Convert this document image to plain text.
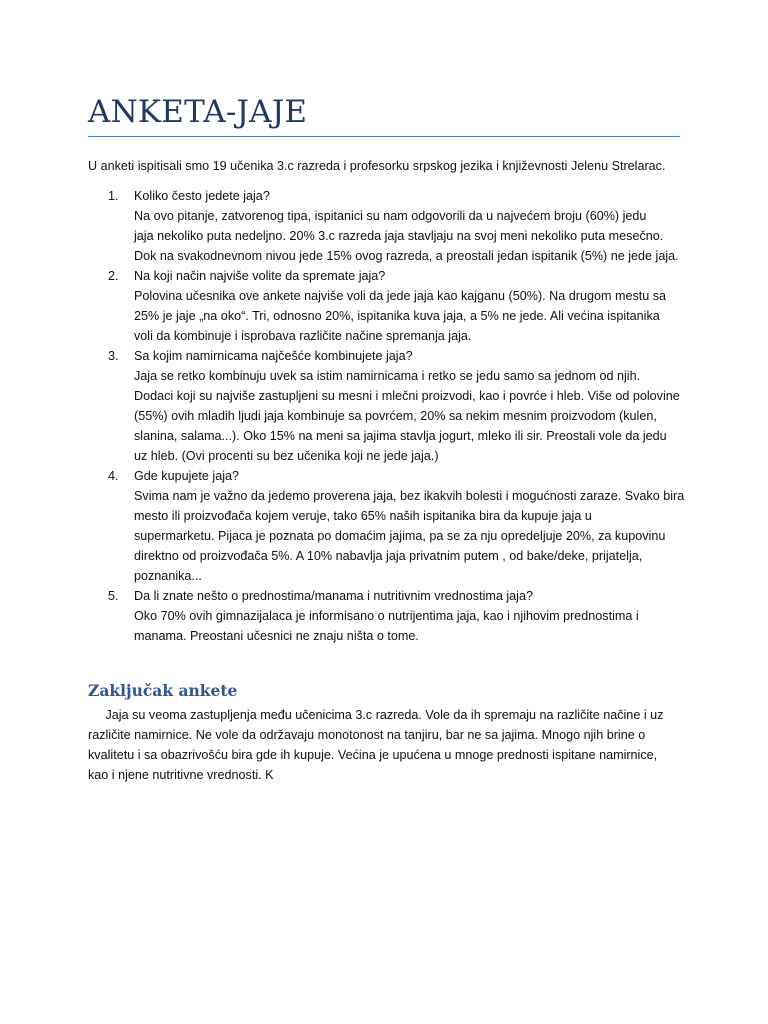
ANKETA-JAJE

U anketi ispitisali smo 19 učenika 3.c razreda i profesorku srpskog jezika i književnosti Jelenu Strelarac.

1. Koliko često jedete jaja?
Na ovo pitanje, zatvorenog tipa, ispitanici su nam odgovorili da u najvećem broju (60%) jedu
jaja nekoliko puta nedeljno. 20% 3.c razreda jaja stavljaju na svoj meni nekoliko puta mesečno.
Dok na svakodnevnom nivou jede 15% ovog razreda, a preostali jedan ispitanik (5%) ne jede jaja.
2. Na koji način najviše volite da spremate jaja?
Polovina učesnika ove ankete najviše voli da jede jaja kao kajganu (50%). Na drugom mestu sa
25% je jaje „na oko“. Tri, odnosno 20%, ispitanika kuva jaja, a 5% ne jede. Ali većina ispitanika
voli da kombinuje i isprobava različite načine spremanja jaja.
3. Sa kojim namirnicama najčešće kombinujete jaja?
Jaja se retko kombinuju uvek sa istim namirnicama i retko se jedu samo sa jednom od njih.
Dodaci koji su najviše zastupljeni su mesni i mlečni proizvodi, kao i povrće i hleb. Više od polovine
(55%) ovih mladih ljudi jaja kombinuje sa povrćem, 20% sa nekim mesnim proizvodom (kulen,
slanina, salama...). Oko 15% na meni sa jajima stavlja jogurt, mleko ili sir. Preostali vole da jedu
uz hleb. (Ovi procenti su bez učenika koji ne jede jaja.)
4. Gde kupujete jaja?
Svima nam je važno da jedemo proverena jaja, bez ikakvih bolesti i mogućnosti zaraze. Svako bira
mesto ili proizvođača kojem veruje, tako 65% naših ispitanika bira da kupuje jaja u
supermarketu. Pijaca je poznata po domaćim jajima, pa se za nju opredeljuje 20%, za kupovinu
direktno od proizvođača 5%. A 10% nabavlja jaja privatnim putem , od bake/deke, prijatelja,
poznanika...
5. Da li znate nešto o prednostima/manama i nutritivnim vrednostima jaja?
Oko 70% ovih gimnazijalaca je informisano o nutrijentima jaja, kao i njihovim prednostima i
manama. Preostani učesnici ne znaju ništa o tome.
Zaključak ankete
Jaja su veoma zastupljenja među učenicima 3.c razreda. Vole da ih spremaju na različite načine i uz
različite namirnice. Ne vole da održavaju monotonost na tanjiru, bar ne sa jajima. Mnogo njih brine o
kvalitetu i sa obazrivošću bira gde ih kupuje. Većina je upućena u mnoge prednosti ispitane namirnice,
kao i njene nutritivne vrednosti. K
